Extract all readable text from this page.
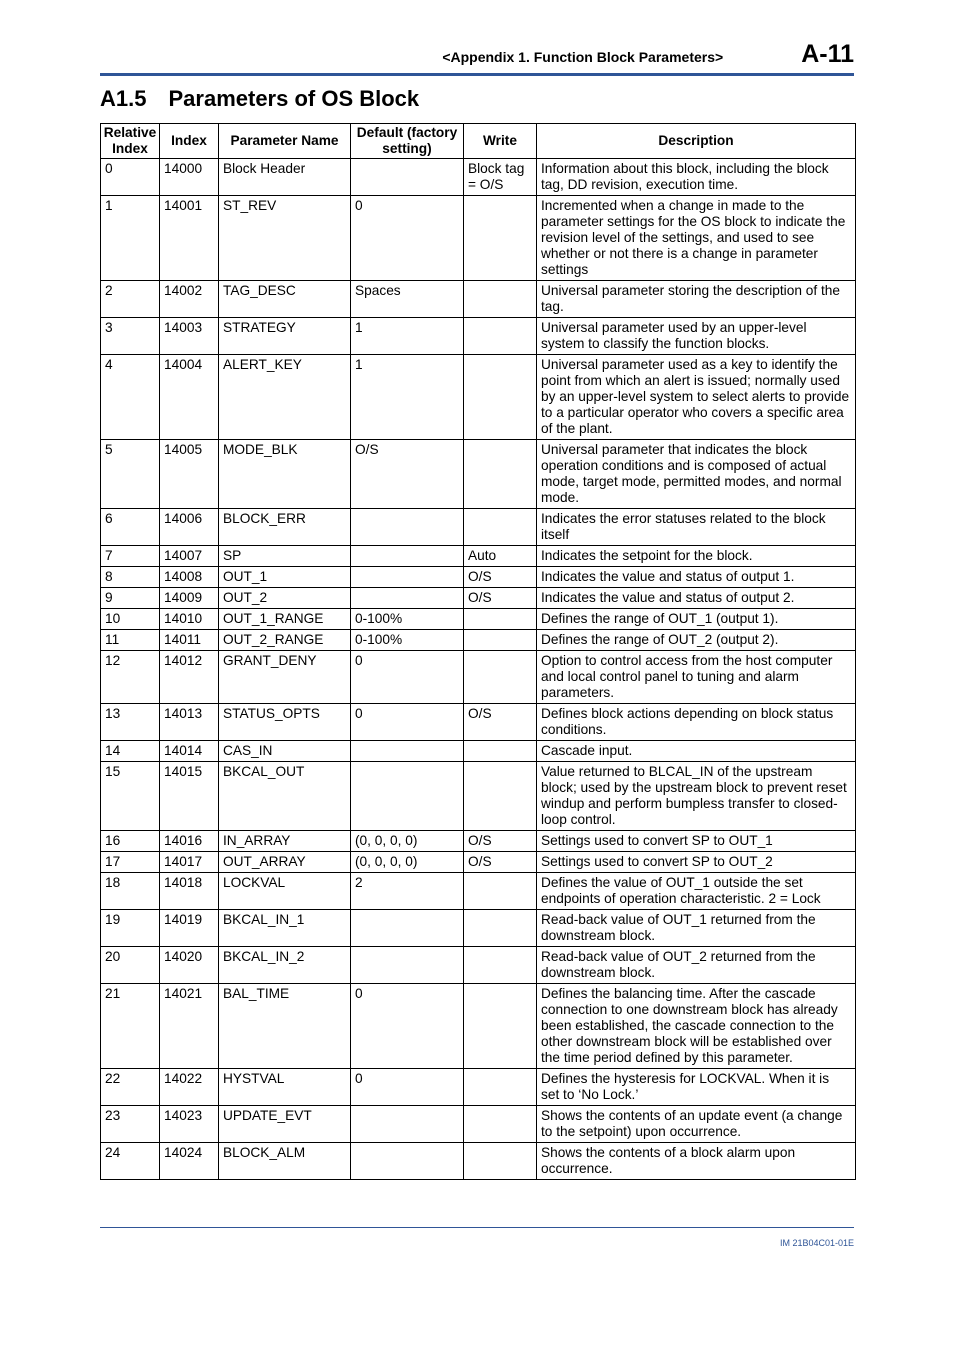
<Appendix 1. Function Block Parameters>	A-11
A1.5 Parameters of OS Block
Relative Index	Index	Parameter Name	Default (factory setting)	Write	Description
0	14000	Block Header		Block tag = O/S	Information about this block, including the block tag, DD revision, execution time.
1	14001	ST_REV	0		Incremented when a change in made to the parameter settings for the OS block to indicate the revision level of the settings, and used to see whether or not there is a change in parameter settings
2	14002	TAG_DESC	Spaces		Universal parameter storing the description of the tag.
3	14003	STRATEGY	1		Universal parameter used by an upper-level system to classify the function blocks.
4	14004	ALERT_KEY	1		Universal parameter used as a key to identify the point from which an alert is issued; normally used by an upper-level system to select alerts to provide to a particular operator who covers a specific area of the plant.
5	14005	MODE_BLK	O/S		Universal parameter that indicates the block operation conditions and is composed of actual mode, target mode, permitted modes, and normal mode.
6	14006	BLOCK_ERR			Indicates the error statuses related to the block itself
7	14007	SP		Auto	Indicates the setpoint for the block.
8	14008	OUT_1		O/S	Indicates the value and status of output 1.
9	14009	OUT_2		O/S	Indicates the value and status of output 2.
10	14010	OUT_1_RANGE	0-100%		Defines the range of OUT_1 (output 1).
11	14011	OUT_2_RANGE	0-100%		Defines the range of OUT_2 (output 2).
12	14012	GRANT_DENY	0		Option to control access from the host computer and local control panel to tuning and alarm parameters.
13	14013	STATUS_OPTS	0	O/S	Defines block actions depending on block status conditions.
14	14014	CAS_IN			Cascade input.
15	14015	BKCAL_OUT			Value returned to BLCAL_IN of the upstream block; used by the upstream block to prevent reset windup and perform bumpless transfer to closed-loop control.
16	14016	IN_ARRAY	(0, 0, 0, 0)	O/S	Settings used to convert SP to OUT_1
17	14017	OUT_ARRAY	(0, 0, 0, 0)	O/S	Settings used to convert SP to OUT_2
18	14018	LOCKVAL	2		Defines the value of OUT_1 outside the set endpoints of operation characteristic. 2 = Lock
19	14019	BKCAL_IN_1			Read-back value of OUT_1 returned from the downstream block.
20	14020	BKCAL_IN_2			Read-back value of OUT_2 returned from the downstream block.
21	14021	BAL_TIME	0		Defines the balancing time. After the cascade connection to one downstream block has already been established, the cascade connection to the other downstream block will be established over the time period defined by this parameter.
22	14022	HYSTVAL	0		Defines the hysteresis for LOCKVAL. When it is set to ‘No Lock.’
23	14023	UPDATE_EVT			Shows the contents of an update event (a change to the setpoint) upon occurrence.
24	14024	BLOCK_ALM			Shows the contents of a block alarm upon occurrence.
IM 21B04C01-01E
